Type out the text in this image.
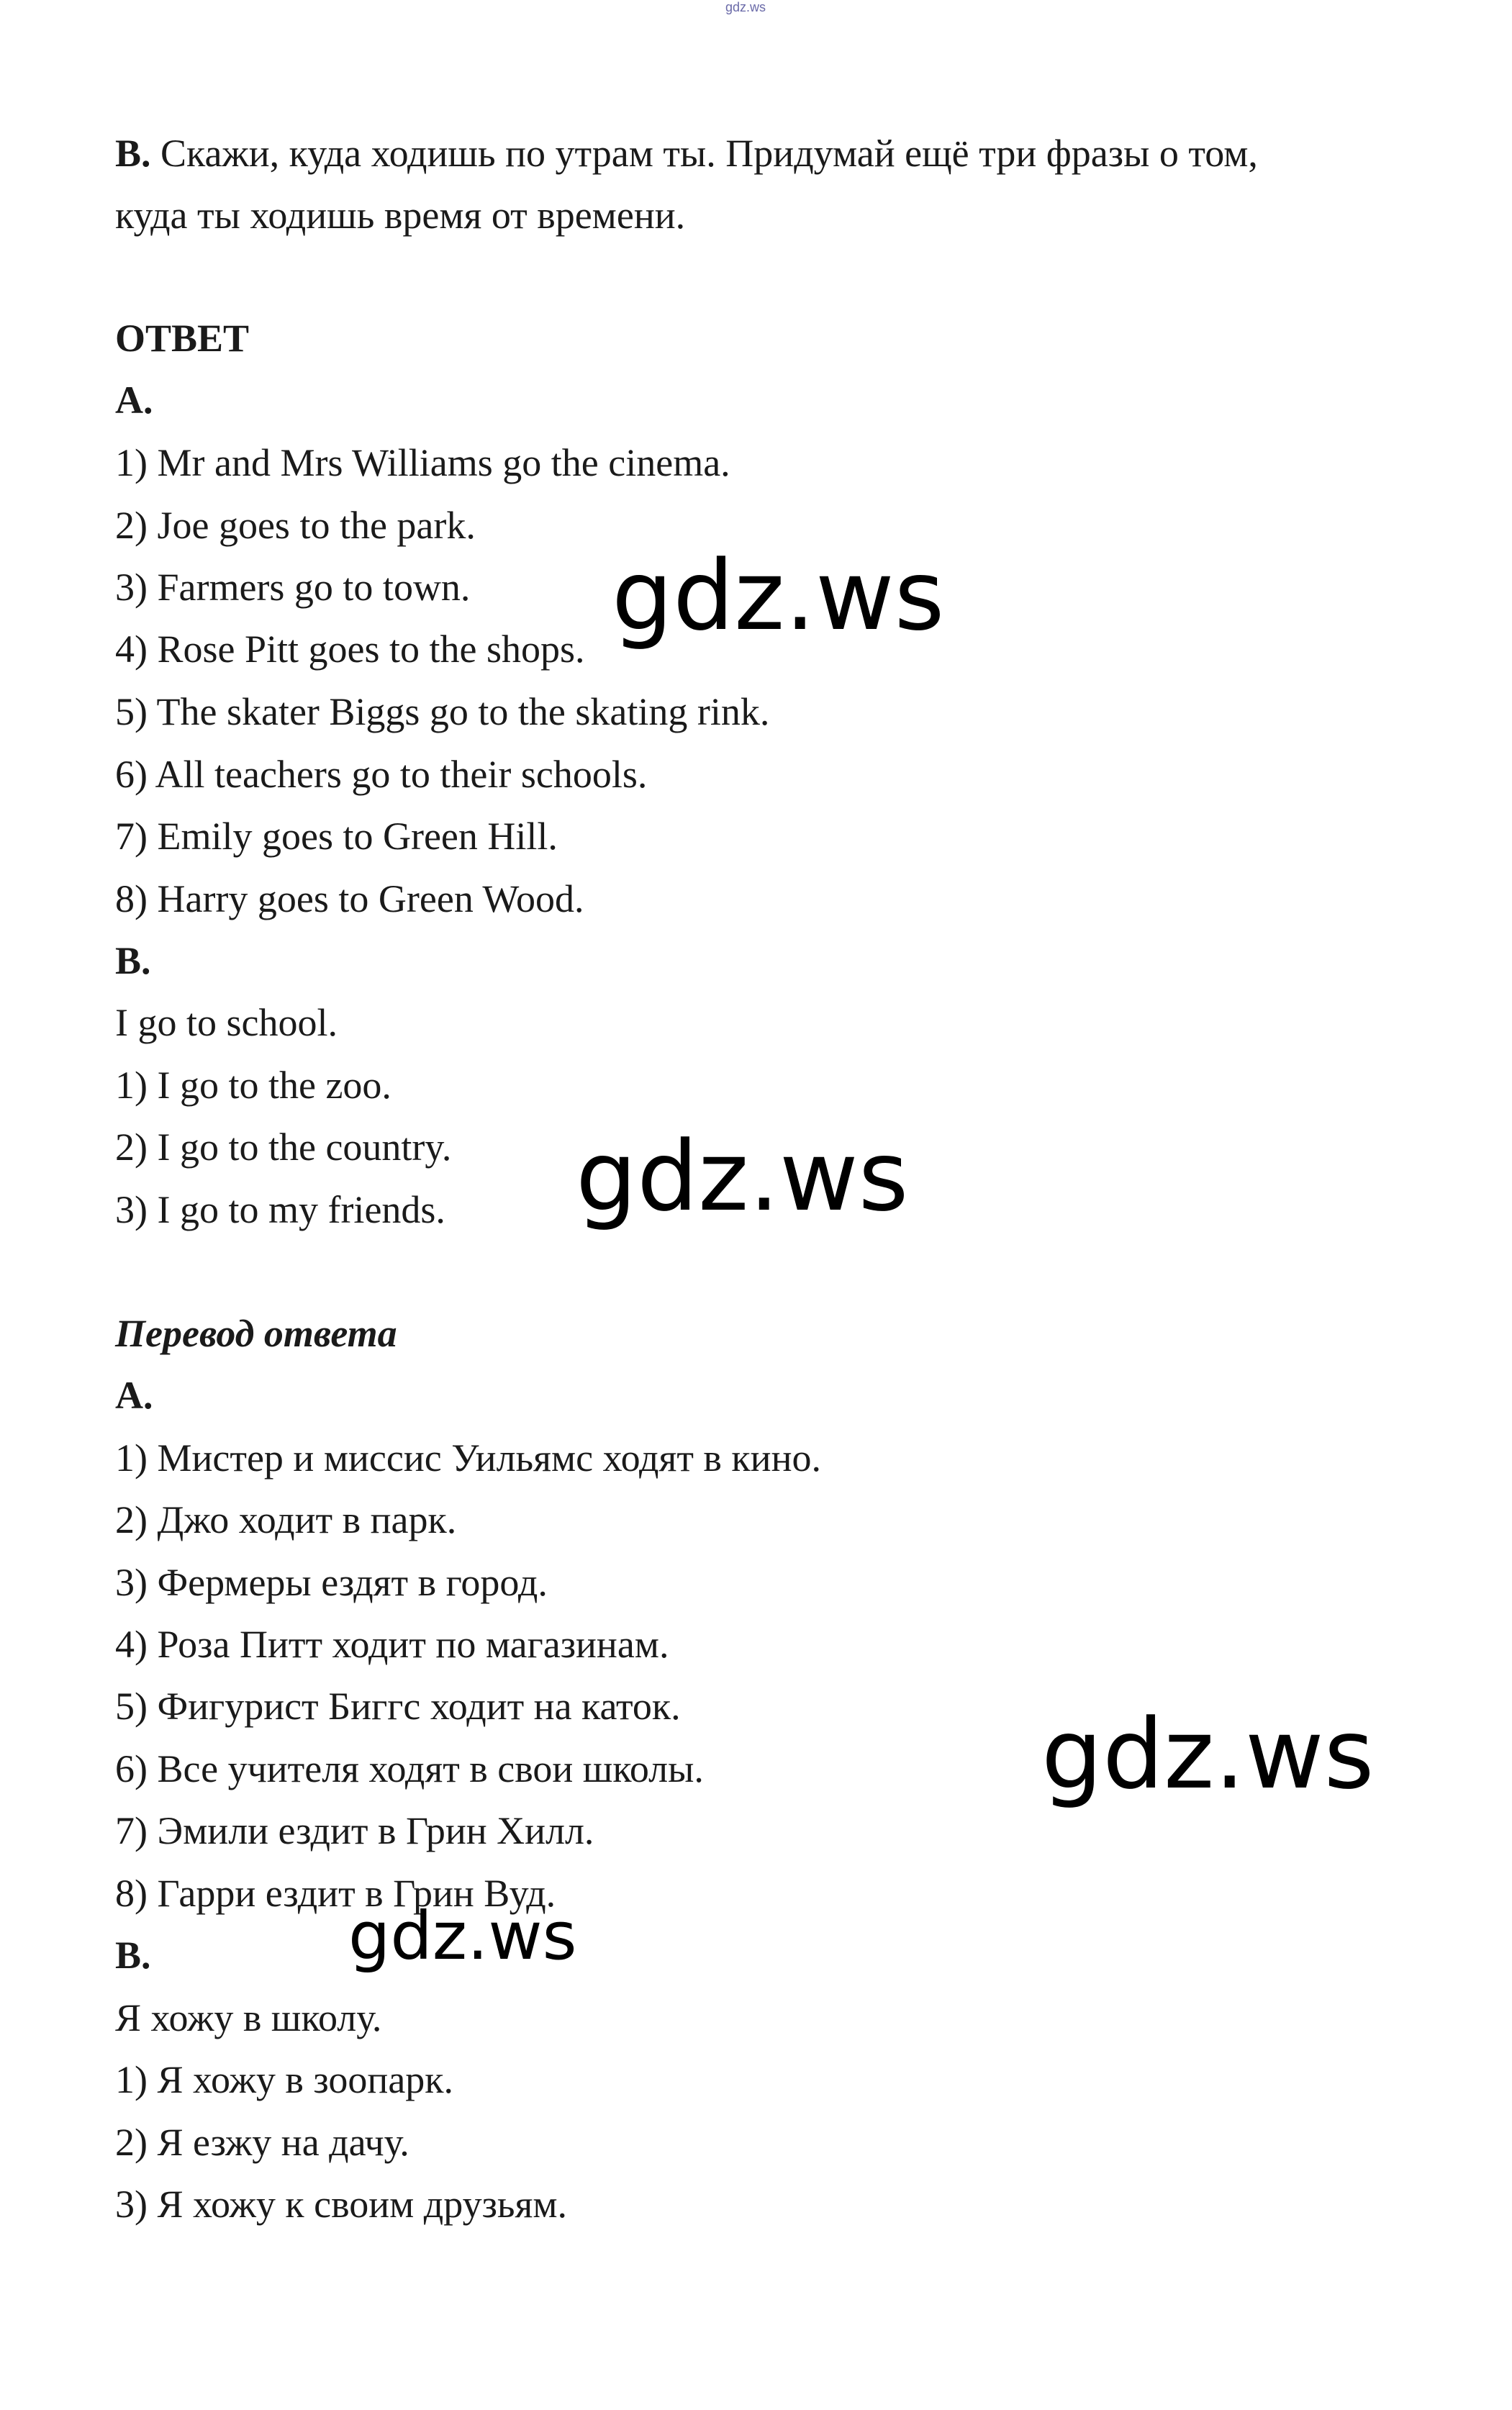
gdz.ws
B. Скажи, куда ходишь по утрам ты. Придумай ещё три фразы о том,
куда ты ходишь время от времени.
ОТВЕТ
A.
1) Mr and Mrs Williams go the cinema.
2) Joe goes to the park.
3) Farmers go to town.
4) Rose Pitt goes to the shops.
5) The skater Biggs go to the skating rink.
6) All teachers go to their schools.
7) Emily goes to Green Hill.
8) Harry goes to Green Wood.
B.
I go to school.
1) I go to the zoo.
2) I go to the country.
3) I go to my friends.
Перевод ответа
A.
1) Мистер и миссис Уильямс ходят в кино.
2) Джо ходит в парк.
3) Фермеры ездят в город.
4) Роза Питт ходит по магазинам.
5) Фигурист Биггс ходит на каток.
6) Все учителя ходят в свои школы.
7) Эмили ездит в Грин Хилл.
8) Гарри ездит в Грин Вуд.
B.
Я хожу в школу.
1) Я хожу в зоопарк.
2) Я езжу на дачу.
3) Я хожу к своим друзьям.
gdz.ws
gdz.ws
gdz.ws
gdz.ws
